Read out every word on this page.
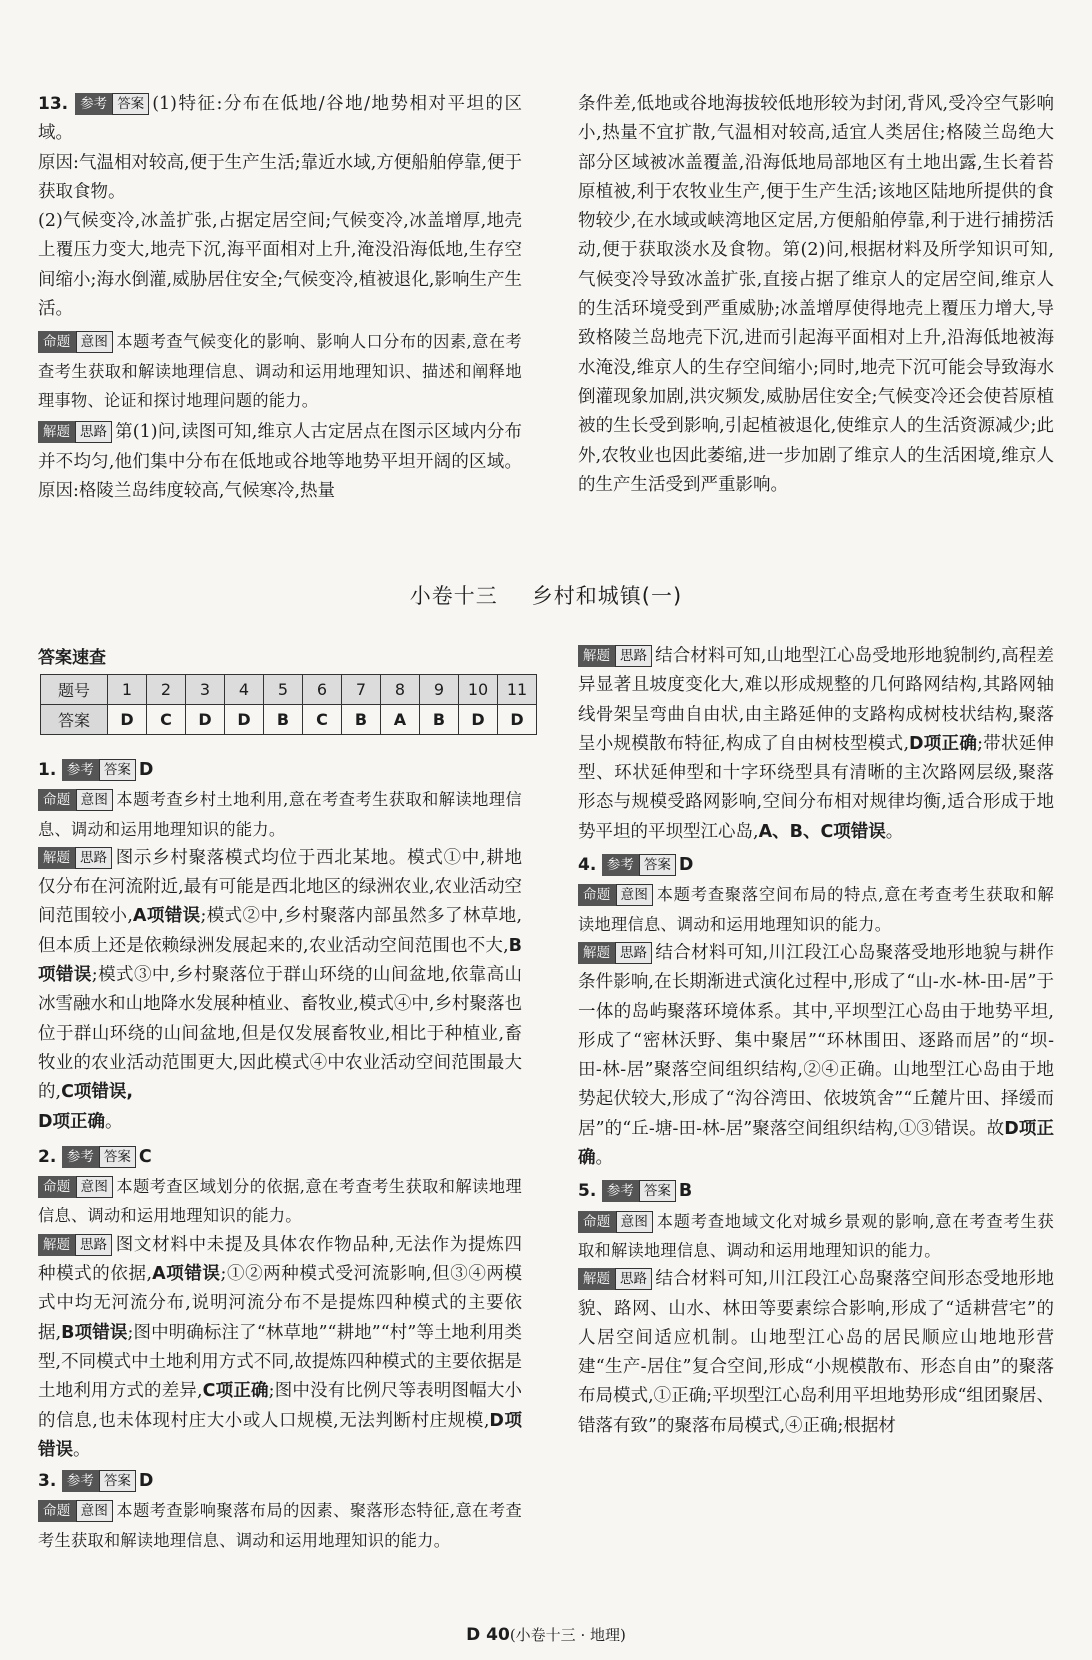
13. 参考 答案 (1)特征:分布在低地/谷地/地势相对平坦的区域。

原因:气温相对较高,便于生产生活;靠近水域,方便船舶停靠,便于获取食物。

(2)气候变冷,冰盖扩张,占据定居空间;气候变冷,冰盖增厚,地壳上覆压力变大,地壳下沉,海平面相对上升,淹没沿海低地,生存空间缩小;海水倒灌,威胁居住安全;气候变冷,植被退化,影响生产生活。

命题 意图 本题考查气候变化的影响、影响人口分布的因素,意在考查考生获取和解读地理信息、调动和运用地理知识、描述和阐释地理事物、论证和探讨地理问题的能力。

解题 思路 第(1)问,读图可知,维京人古定居点在图示区域内分布并不均匀,他们集中分布在低地或谷地等地势平坦开阔的区域。原因:格陵兰岛纬度较高,气候寒冷,热量

条件差,低地或谷地海拔较低地形较为封闭,背风,受冷空气影响小,热量不宜扩散,气温相对较高,适宜人类居住;格陵兰岛绝大部分区域被冰盖覆盖,沿海低地局部地区有土地出露,生长着苔原植被,利于农牧业生产,便于生产生活;该地区陆地所提供的食物较少,在水域或峡湾地区定居,方便船舶停靠,利于进行捕捞活动,便于获取淡水及食物。第(2)问,根据材料及所学知识可知,气候变冷导致冰盖扩张,直接占据了维京人的定居空间,维京人的生活环境受到严重威胁;冰盖增厚使得地壳上覆压力增大,导致格陵兰岛地壳下沉,进而引起海平面相对上升,沿海低地被海水淹没,维京人的生存空间缩小;同时,地壳下沉可能会导致海水倒灌现象加剧,洪灾频发,威胁居住安全;气候变冷还会使苔原植被的生长受到影响,引起植被退化,使维京人的生活资源减少;此外,农牧业也因此萎缩,进一步加剧了维京人的生活困境,维京人的生产生活受到严重影响。

小卷十三 乡村和城镇(一)
答案速查
题号	1	2	3	4	5	6	7	8	9	10	11
答案	D	C	D	D	B	C	B	A	B	D	D

1. 参考 答案 D

命题 意图 本题考查乡村土地利用,意在考查考生获取和解读地理信息、调动和运用地理知识的能力。

解题 思路 图示乡村聚落模式均位于西北某地。模式①中,耕地仅分布在河流附近,最有可能是西北地区的绿洲农业,农业活动空间范围较小,A项错误;模式②中,乡村聚落内部虽然多了林草地,但本质上还是依赖绿洲发展起来的,农业活动空间范围也不大,B项错误;模式③中,乡村聚落位于群山环绕的山间盆地,依靠高山冰雪融水和山地降水发展种植业、畜牧业,模式④中,乡村聚落也位于群山环绕的山间盆地,但是仅发展畜牧业,相比于种植业,畜牧业的农业活动范围更大,因此模式④中农业活动空间范围最大的,C项错误,
D项正确。

2. 参考 答案 C

命题 意图 本题考查区域划分的依据,意在考查考生获取和解读地理信息、调动和运用地理知识的能力。

解题 思路 图文材料中未提及具体农作物品种,无法作为提炼四种模式的依据,A项错误;①②两种模式受河流影响,但③④两模式中均无河流分布,说明河流分布不是提炼四种模式的主要依据,B项错误;图中明确标注了“林草地”“耕地”“村”等土地利用类型,不同模式中土地利用方式不同,故提炼四种模式的主要依据是土地利用方式的差异,C项正确;图中没有比例尺等表明图幅大小的信息,也未体现村庄大小或人口规模,无法判断村庄规模,D项错误。

3. 参考 答案 D

命题 意图 本题考查影响聚落布局的因素、聚落形态特征,意在考查考生获取和解读地理信息、调动和运用地理知识的能力。

解题 思路 结合材料可知,山地型江心岛受地形地貌制约,高程差异显著且坡度变化大,难以形成规整的几何路网结构,其路网轴线骨架呈弯曲自由状,由主路延伸的支路构成树枝状结构,聚落呈小规模散布特征,构成了自由树枝型模式,D项正确;带状延伸型、环状延伸型和十字环绕型具有清晰的主次路网层级,聚落形态与规模受路网影响,空间分布相对规律均衡,适合形成于地势平坦的平坝型江心岛,A、B、C项错误。

4. 参考 答案 D

命题 意图 本题考查聚落空间布局的特点,意在考查考生获取和解读地理信息、调动和运用地理知识的能力。

解题 思路 结合材料可知,川江段江心岛聚落受地形地貌与耕作条件影响,在长期渐进式演化过程中,形成了“山-水-林-田-居”于一体的岛屿聚落环境体系。其中,平坝型江心岛由于地势平坦,形成了“密林沃野、集中聚居”“环林围田、逐路而居”的“坝-田-林-居”聚落空间组织结构,②④正确。山地型江心岛由于地势起伏较大,形成了“沟谷湾田、依坡筑舍”“丘麓片田、择缓而居”的“丘-塘-田-林-居”聚落空间组织结构,①③错误。故D项正确。

5. 参考 答案 B

命题 意图 本题考查地域文化对城乡景观的影响,意在考查考生获取和解读地理信息、调动和运用地理知识的能力。

解题 思路 结合材料可知,川江段江心岛聚落空间形态受地形地貌、路网、山水、林田等要素综合影响,形成了“适耕营宅”的人居空间适应机制。山地型江心岛的居民顺应山地地形营建“生产-居住”复合空间,形成“小规模散布、形态自由”的聚落布局模式,①正确;平坝型江心岛利用平坦地势形成“组团聚居、错落有致”的聚落布局模式,④正确;根据材

D 40(小卷十三 · 地理)
